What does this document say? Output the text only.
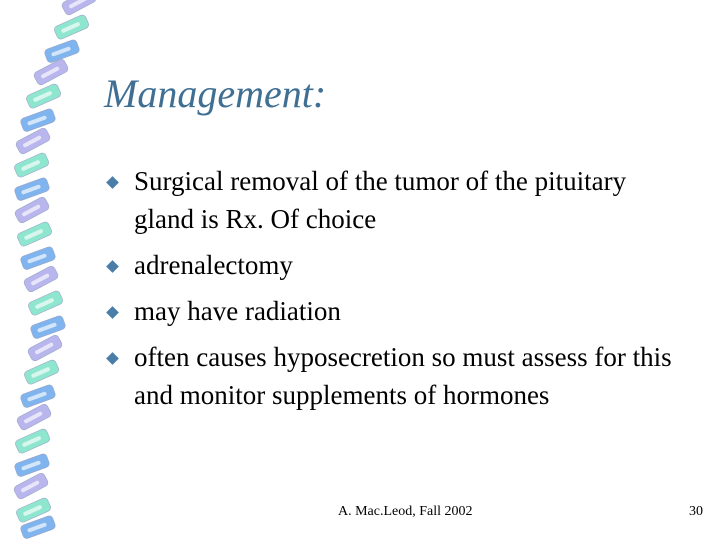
Management:
Surgical removal of the tumor of the pituitary gland is Rx. Of choice
adrenalectomy
may have radiation
often causes hyposecretion so must assess for this and monitor supplements of hormones
A. Mac.Leod, Fall 2002	30
